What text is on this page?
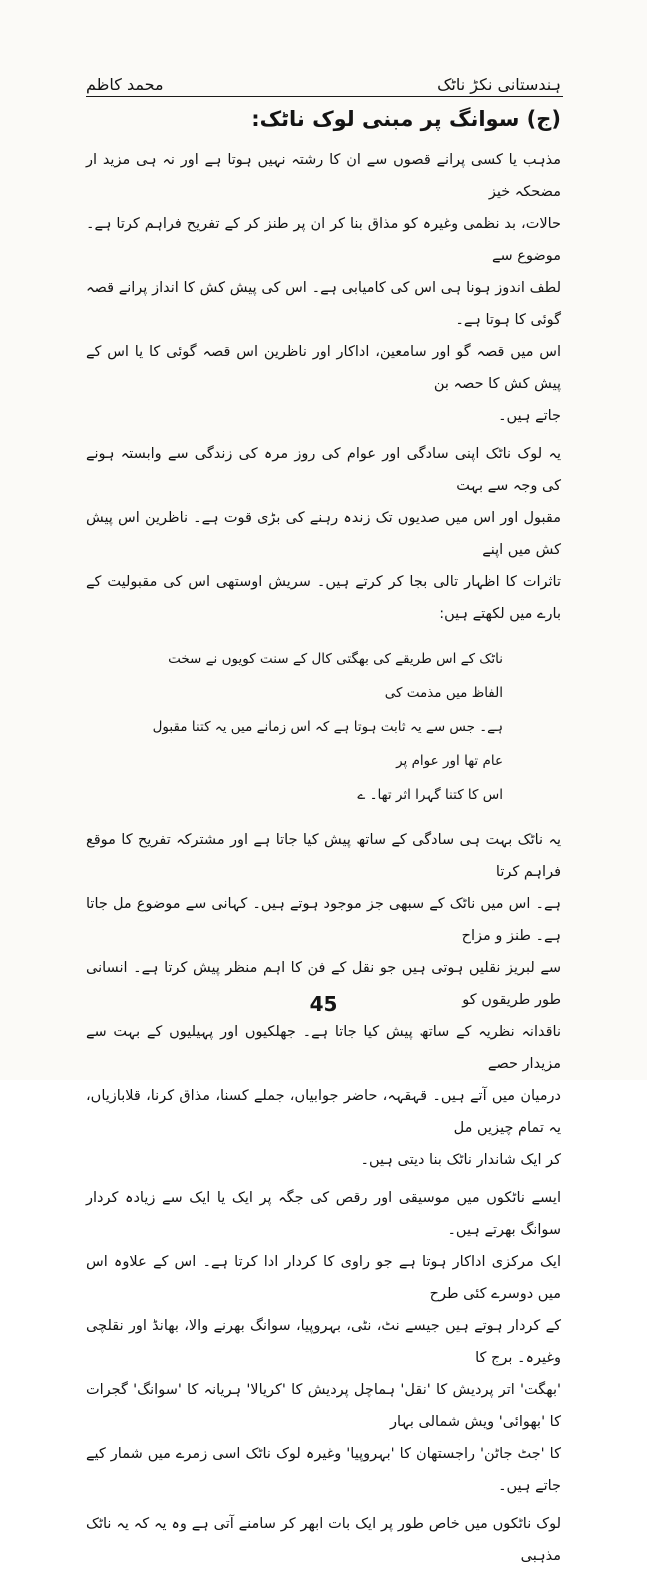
محمد کاظم	ہندستانی نکڑ ناٹک
(ج) سوانگ پر مبنی لوک ناٹک:

مذہب یا کسی پرانے قصوں سے ان کا رشتہ نہیں ہوتا ہے اور نہ ہی مزید ار مضحکہ خیز

حالات، بد نظمی وغیرہ کو مذاق بنا کر ان پر طنز کر کے تفریح فراہم کرتا ہے۔ موضوع سے

لطف اندوز ہونا ہی اس کی کامیابی ہے۔ اس کی پیش کش کا انداز پرانے قصہ گوئی کا ہوتا ہے۔

اس میں قصہ گو اور سامعین، اداکار اور ناظرین اس قصہ گوئی کا یا اس کے پیش کش کا حصہ بن

جاتے ہیں۔

یہ لوک ناٹک اپنی سادگی اور عوام کی روز مرہ کی زندگی سے وابستہ ہونے کی وجہ سے بہت

مقبول اور اس میں صدیوں تک زندہ رہنے کی بڑی قوت ہے۔ ناظرین اس پیش کش میں اپنے

تاثرات کا اظہار تالی بجا کر کرتے ہیں۔ سریش اوستھی اس کی مقبولیت کے بارے میں لکھتے ہیں:

ناٹک کے اس طریقے کی بھگتی کال کے سنت کویوں نے سخت الفاظ میں مذمت کی

ہے۔ جس سے یہ ثابت ہوتا ہے کہ اس زمانے میں یہ کتنا مقبول عام تھا اور عوام پر

اس کا کتنا گہرا اثر تھا۔ ے

یہ ناٹک بہت ہی سادگی کے ساتھ پیش کیا جاتا ہے اور مشترکہ تفریح کا موقع فراہم کرتا

ہے۔ اس میں ناٹک کے سبھی جز موجود ہوتے ہیں۔ کہانی سے موضوع مل جاتا ہے۔ طنز و مزاح

سے لبریز نقلیں ہوتی ہیں جو نقل کے فن کا اہم منظر پیش کرتا ہے۔ انسانی طور طریقوں کو

ناقدانہ نظریہ کے ساتھ پیش کیا جاتا ہے۔ جھلکیوں اور پہیلیوں کے بہت سے مزیدار حصے

درمیان میں آتے ہیں۔ قہقہہ، حاضر جوابیاں، جملے کسنا، مذاق کرنا، قلابازیاں، یہ تمام چیزیں مل

کر ایک شاندار ناٹک بنا دیتی ہیں۔

ایسے ناٹکوں میں موسیقی اور رقص کی جگہ پر ایک یا ایک سے زیادہ کردار سوانگ بھرتے ہیں۔

ایک مرکزی اداکار ہوتا ہے جو راوی کا کردار ادا کرتا ہے۔ اس کے علاوہ اس میں دوسرے کئی طرح

کے کردار ہوتے ہیں جیسے نٹ، نٹی، بہروپیا، سوانگ بھرنے والا، بھانڈ اور نقلچی وغیرہ۔ برج کا

'بھگت' اتر پردیش کا 'نقل' ہماچل پردیش کا 'کریالا' ہریانہ کا 'سوانگ' گجرات کا 'بھوائی' ویش شمالی بہار

کا 'جٹ جاٹن' راجستھان کا 'بہروپیا' وغیرہ لوک ناٹک اسی زمرے میں شمار کیے جاتے ہیں۔

لوک ناٹکوں میں خاص طور پر ایک بات ابھر کر سامنے آتی ہے وہ یہ کہ یہ ناٹک مذہبی

45
